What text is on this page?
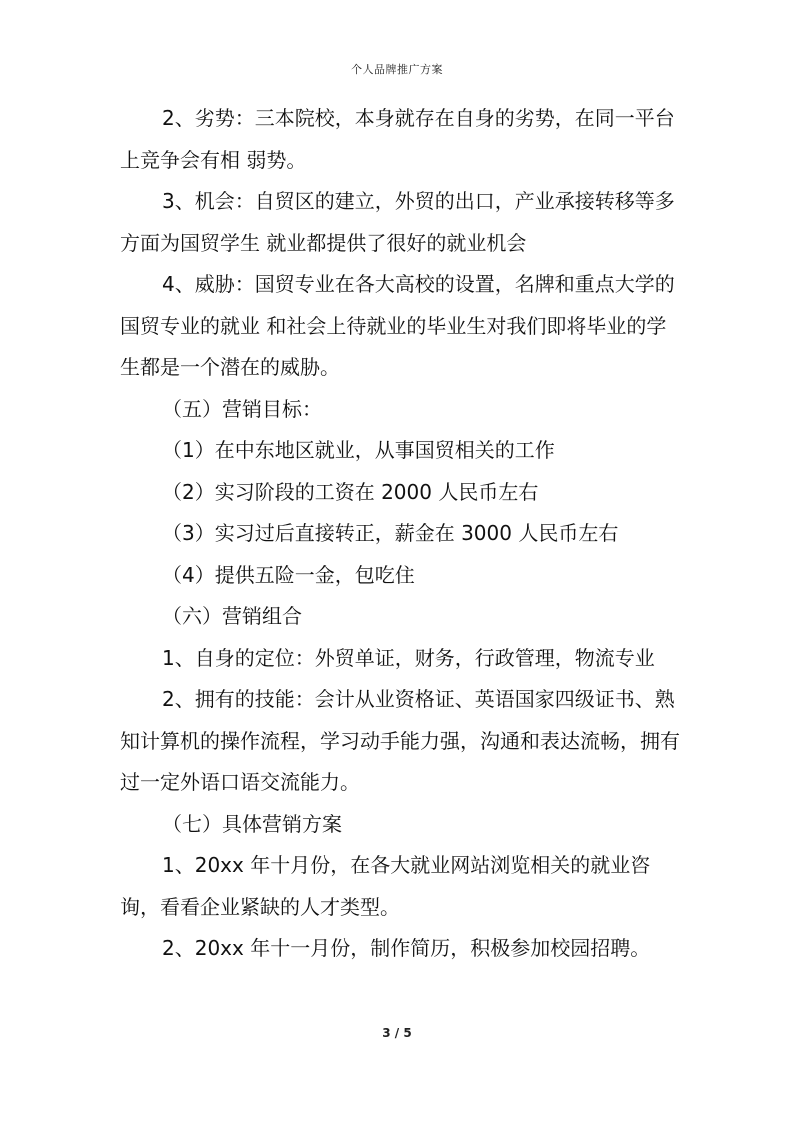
个人品牌推广方案

2、劣势：三本院校，本身就存在自身的劣势，在同一平台上竞争会有相 弱势。

3、机会：自贸区的建立，外贸的出口，产业承接转移等多方面为国贸学生 就业都提供了很好的就业机会

4、威胁：国贸专业在各大高校的设置，名牌和重点大学的国贸专业的就业 和社会上待就业的毕业生对我们即将毕业的学生都是一个潜在的威胁。

（五）营销目标：

（1）在中东地区就业，从事国贸相关的工作

（2）实习阶段的工资在 2000 人民币左右

（3）实习过后直接转正，薪金在 3000 人民币左右

（4）提供五险一金，包吃住

（六）营销组合

1、自身的定位：外贸单证，财务，行政管理，物流专业

2、拥有的技能：会计从业资格证、英语国家四级证书、熟知计算机的操作流程，学习动手能力强，沟通和表达流畅，拥有过一定外语口语交流能力。

（七）具体营销方案

1、20xx 年十月份，在各大就业网站浏览相关的就业咨询，看看企业紧缺的人才类型。

2、20xx 年十一月份，制作简历，积极参加校园招聘。

3 / 5
